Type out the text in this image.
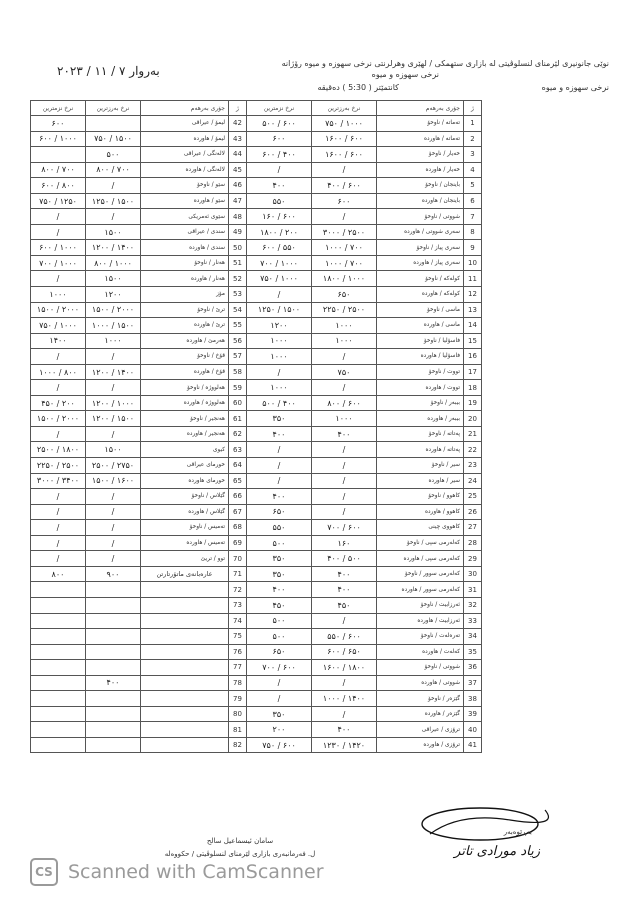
نوێی جانونیری لێرمنای لنسلوڤیتی له بازاری ستهمکی / لهێری وهرلرنتی نرخی سهوزه و میوه رۆژانه
نرخی سهوزه و میوه
۲۰۲۳ / ۱۱ / ۷ بەروار
کانتمێتر ( 5:30 ) دەقیقە	نرخی سهوزه و میوه
نرخ نزمترین	نرخ بەرزترین	جۆری بەرهەم	ژ	نرخ نزمترین	نرخ بەرزترین	جۆری بەرهەم	ژ
۶۰۰		لیمۆ / عیراقی	42	۵۰۰ / ۶۰۰	۷۵۰ / ۱۰۰۰	تەماتە / ناوخۆ	1
۶۰۰ / ۱۰۰۰	۷۵۰ / ۱۵۰۰	لیمۆ / هاوردە	43	۶۰۰	۱۶۰۰ / ۶۰۰	تەماتە / هاوردە	2
	۵۰۰	لالەنگی / عیراقی	44	۶۰۰ / ۴۰۰	۱۶۰۰ / ۶۰۰	خەیار / ناوخۆ	3
۸۰۰ / ۷۰۰	۸۰۰ / ۷۰۰	لالەنگی / هاوردە	45	/	/	خەیار / هاوردە	4
۶۰۰ / ۸۰۰	/	سێو / ناوخۆ	46	۴۰۰	۴۰۰ / ۶۰۰	باینجان / ناوخۆ	5
۷۵۰ / ۱۲۵۰	۱۲۵۰ / ۱۵۰۰	سێو / هاوردە	47	۵۵۰	۶۰۰	باینجان / هاوردە	6
/	/	سێوی ئەمریکی	48	۱۶۰ / ۶۰۰	/	شووتی / ناوخۆ	7
/	۱۵۰۰	سندی / عیراقی	49	۱۸۰۰ / ۲۰۰	۳۰۰۰ / ۲۵۰۰	سەری شووتی / هاوردە	8
۶۰۰ / ۱۰۰۰	۱۲۰۰ / ۱۴۰۰	سندی / هاوردە	50	۶۰۰ / ۵۵۰	۱۰۰۰ / ۷۰۰	سەری پیاز / ناوخۆ	9
۷۰۰ / ۱۰۰۰	۸۰۰ / ۱۰۰۰	هەنار / ناوخۆ	51	۷۰۰ / ۱۰۰۰	۱۰۰۰ / ۷۰۰	سەری پیاز / هاوردە	10
/	۱۵۰۰	هەنار / هاوردە	52	۷۵۰ / ۱۰۰۰	۱۸۰۰ / ۱۰۰۰	کولەکە / ناوخۆ	11
۱۰۰۰	۱۲۰۰	مۆز	53	/	۶۵۰	کولەکە / هاوردە	12
۱۵۰۰ / ۲۰۰۰	۱۵۰۰ / ۲۰۰۰	ترێ / ناوخۆ	54	۱۲۵۰ / ۱۵۰۰	۲۲۵۰ / ۲۵۰۰	ماسی / ناوخۆ	13
۷۵۰ / ۱۰۰۰	۱۰۰۰ / ۱۵۰۰	ترێ / هاوردە	55	۱۲۰۰	۱۰۰۰	ماسی / هاوردە	14
۱۴۰۰	۱۰۰۰	هەرمێ / هاوردە	56	۱۰۰۰	۱۰۰۰	فاسۆلیا / ناوخۆ	15
/	/	قۆخ / ناوخۆ	57	۱۰۰۰	/	فاسۆلیا / هاوردە	16
۱۰۰۰ / ۸۰۰	۱۲۰۰ / ۱۴۰۰	قۆخ / هاوردە	58	/	۷۵۰	تووت / ناوخۆ	17
/	/	هەلووژە / ناوخۆ	59	۱۰۰۰	/	تووت / هاوردە	18
۴۵۰ / ۲۰۰	۱۲۰۰ / ۱۰۰۰	هەلووژە / هاوردە	60	۵۰۰ / ۴۰۰	۸۰۰ / ۶۰۰	بیبەر / ناوخۆ	19
۱۵۰۰ / ۲۰۰۰	۱۲۰۰ / ۱۵۰۰	هەنجیر / ناوخۆ	61	۳۵۰	۱۰۰۰	بیبەر / هاوردە	20
/	/	هەنجیر / هاوردە	62	۴۰۰	۴۰۰	پەتاتە / ناوخۆ	21
۲۵۰۰ / ۱۸۰۰	۱۵۰۰	کیوی	63	/	/	پەتاتە / هاوردە	22
۲۲۵۰ / ۲۵۰۰	۲۵۰۰ / ۲۷۵۰	خورمای عیراقی	64	/	/	سیر / ناوخۆ	23
۳۰۰۰ / ۳۴۰۰	۱۵۰۰ / ۱۶۰۰	خورمای هاوردە	65	/	/	سیر / هاوردە	24
/	/	گێلاس / ناوخۆ	66	۴۰۰	/	کاهوو / ناوخۆ	25
/	/	گێلاس / هاوردە	67	۶۵۰	/	کاهوو / هاوردە	26
/	/	تەمیس / ناوخۆ	68	۵۵۰	۷۰۰ / ۶۰۰	کاهووی چینی	27
/	/	تەمیس / هاوردە	69	۵۰۰	۱۶۰	کەلەرمی سپی / ناوخۆ	28
/	/	توو / تریێ	70	۳۵۰	۴۰۰ / ۵۰۰	کەلەرمی سپی / هاوردە	29
۸۰۰	۹۰۰	عارەبانەی ماتۆرتارتن	71	۳۵۰	۴۰۰	کەلەرمی سوور / ناوخۆ	30
			72	۴۰۰	۴۰۰	کەلەرمی سوور / هاوردە	31
			73	۴۵۰	۴۵۰	ئەرزابیت / ناوخۆ	32
			74	۵۰۰	/	ئەرزابیت / هاوردە	33
			75	۵۰۰	۵۵۰ / ۶۰۰	تەرەلەت / ناوخۆ	34
			76	۶۵۰	۶۰۰ / ۶۵۰	کەلەت / هاوردە	35
			77	۷۰۰ / ۶۰۰	۱۶۰۰ / ۱۸۰۰	شووتی / ناوخۆ	36
	۴۰۰		78	/	/	شووتی / هاوردە	37
			79	/	۱۰۰۰ / ۱۴۰۰	گێزەر / ناوخۆ	38
			80	۳۵۰	/	گێزەر / هاوردە	39
			81	۲۰۰	۴۰۰	ترۆزی / عیراقی	40
			82	۷۵۰ / ۶۰۰	۱۲۳۰ / ۱۴۲۰	ترۆزی / هاوردە	41
سامان ئیسماعیل سالح
ل. فەرمانبەری بازاری لێرمنای لنسلوڤیتی / حکووەلە
بەڕێوەبەر
زیاد مورادی تاتر
CS Scanned with CamScanner
